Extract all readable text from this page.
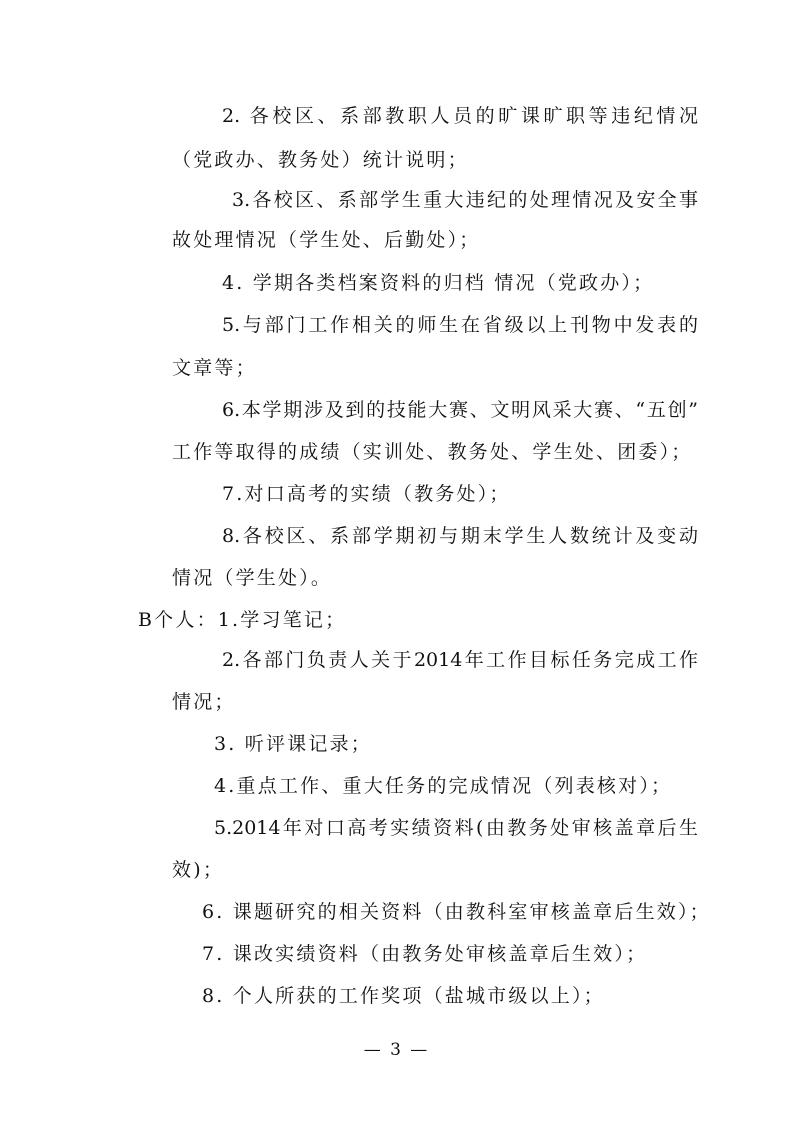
2. 各校区、系部教职人员的旷课旷职等违纪情况
（党政办、教务处）统计说明；
3.各校区、系部学生重大违纪的处理情况及安全事
故处理情况（学生处、后勤处）；
4. 学期各类档案资料的归档 情况（党政办）；
5.与部门工作相关的师生在省级以上刊物中发表的
文章等；
6.本学期涉及到的技能大赛、文明风采大赛、“五创”
工作等取得的成绩（实训处、教务处、学生处、团委）；
7.对口高考的实绩（教务处）；
8.各校区、系部学期初与期末学生人数统计及变动
情况（学生处）。
B个人：1.学习笔记；
2.各部门负责人关于2014年工作目标任务完成工作
情况；
3. 听评课记录；
4.重点工作、重大任务的完成情况（列表核对）；
5.2014年对口高考实绩资料(由教务处审核盖章后生
效)；
6. 课题研究的相关资料（由教科室审核盖章后生效）；
7. 课改实绩资料（由教务处审核盖章后生效）；
8. 个人所获的工作奖项（盐城市级以上）；
— 3 —
